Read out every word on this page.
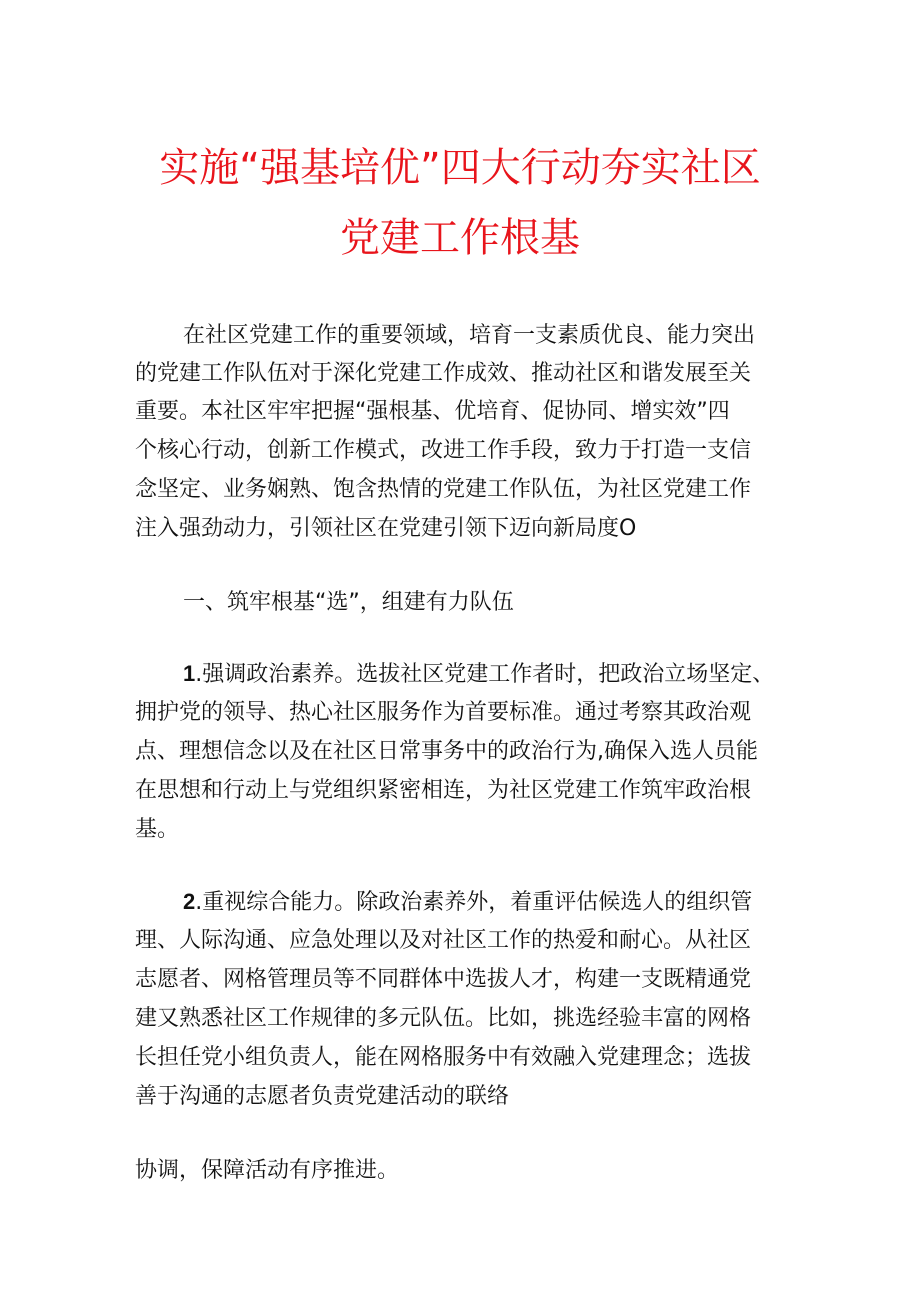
实施“强基培优”四大行动夯实社区
党建工作根基
在社区党建工作的重要领域，培育一支素质优良、能力突出
的党建工作队伍对于深化党建工作成效、推动社区和谐发展至关
重要。本社区牢牢把握“强根基、优培育、促协同、增实效”四
个核心行动，创新工作模式，改进工作手段，致力于打造一支信
念坚定、业务娴熟、饱含热情的党建工作队伍，为社区党建工作
注入强劲动力，引领社区在党建引领下迈向新局度O
一、筑牢根基“选”，组建有力队伍
1.强调政治素养。选拔社区党建工作者时，把政治立场坚定、
拥护党的领导、热心社区服务作为首要标准。通过考察其政治观
点、理想信念以及在社区日常事务中的政治行为,确保入选人员能
在思想和行动上与党组织紧密相连，为社区党建工作筑牢政治根
基。
2.重视综合能力。除政治素养外，着重评估候选人的组织管
理、人际沟通、应急处理以及对社区工作的热爱和耐心。从社区
志愿者、网格管理员等不同群体中选拔人才，构建一支既精通党
建又熟悉社区工作规律的多元队伍。比如，挑选经验丰富的网格
长担任党小组负责人，能在网格服务中有效融入党建理念；选拔
善于沟通的志愿者负责党建活动的联络
协调，保障活动有序推进。
